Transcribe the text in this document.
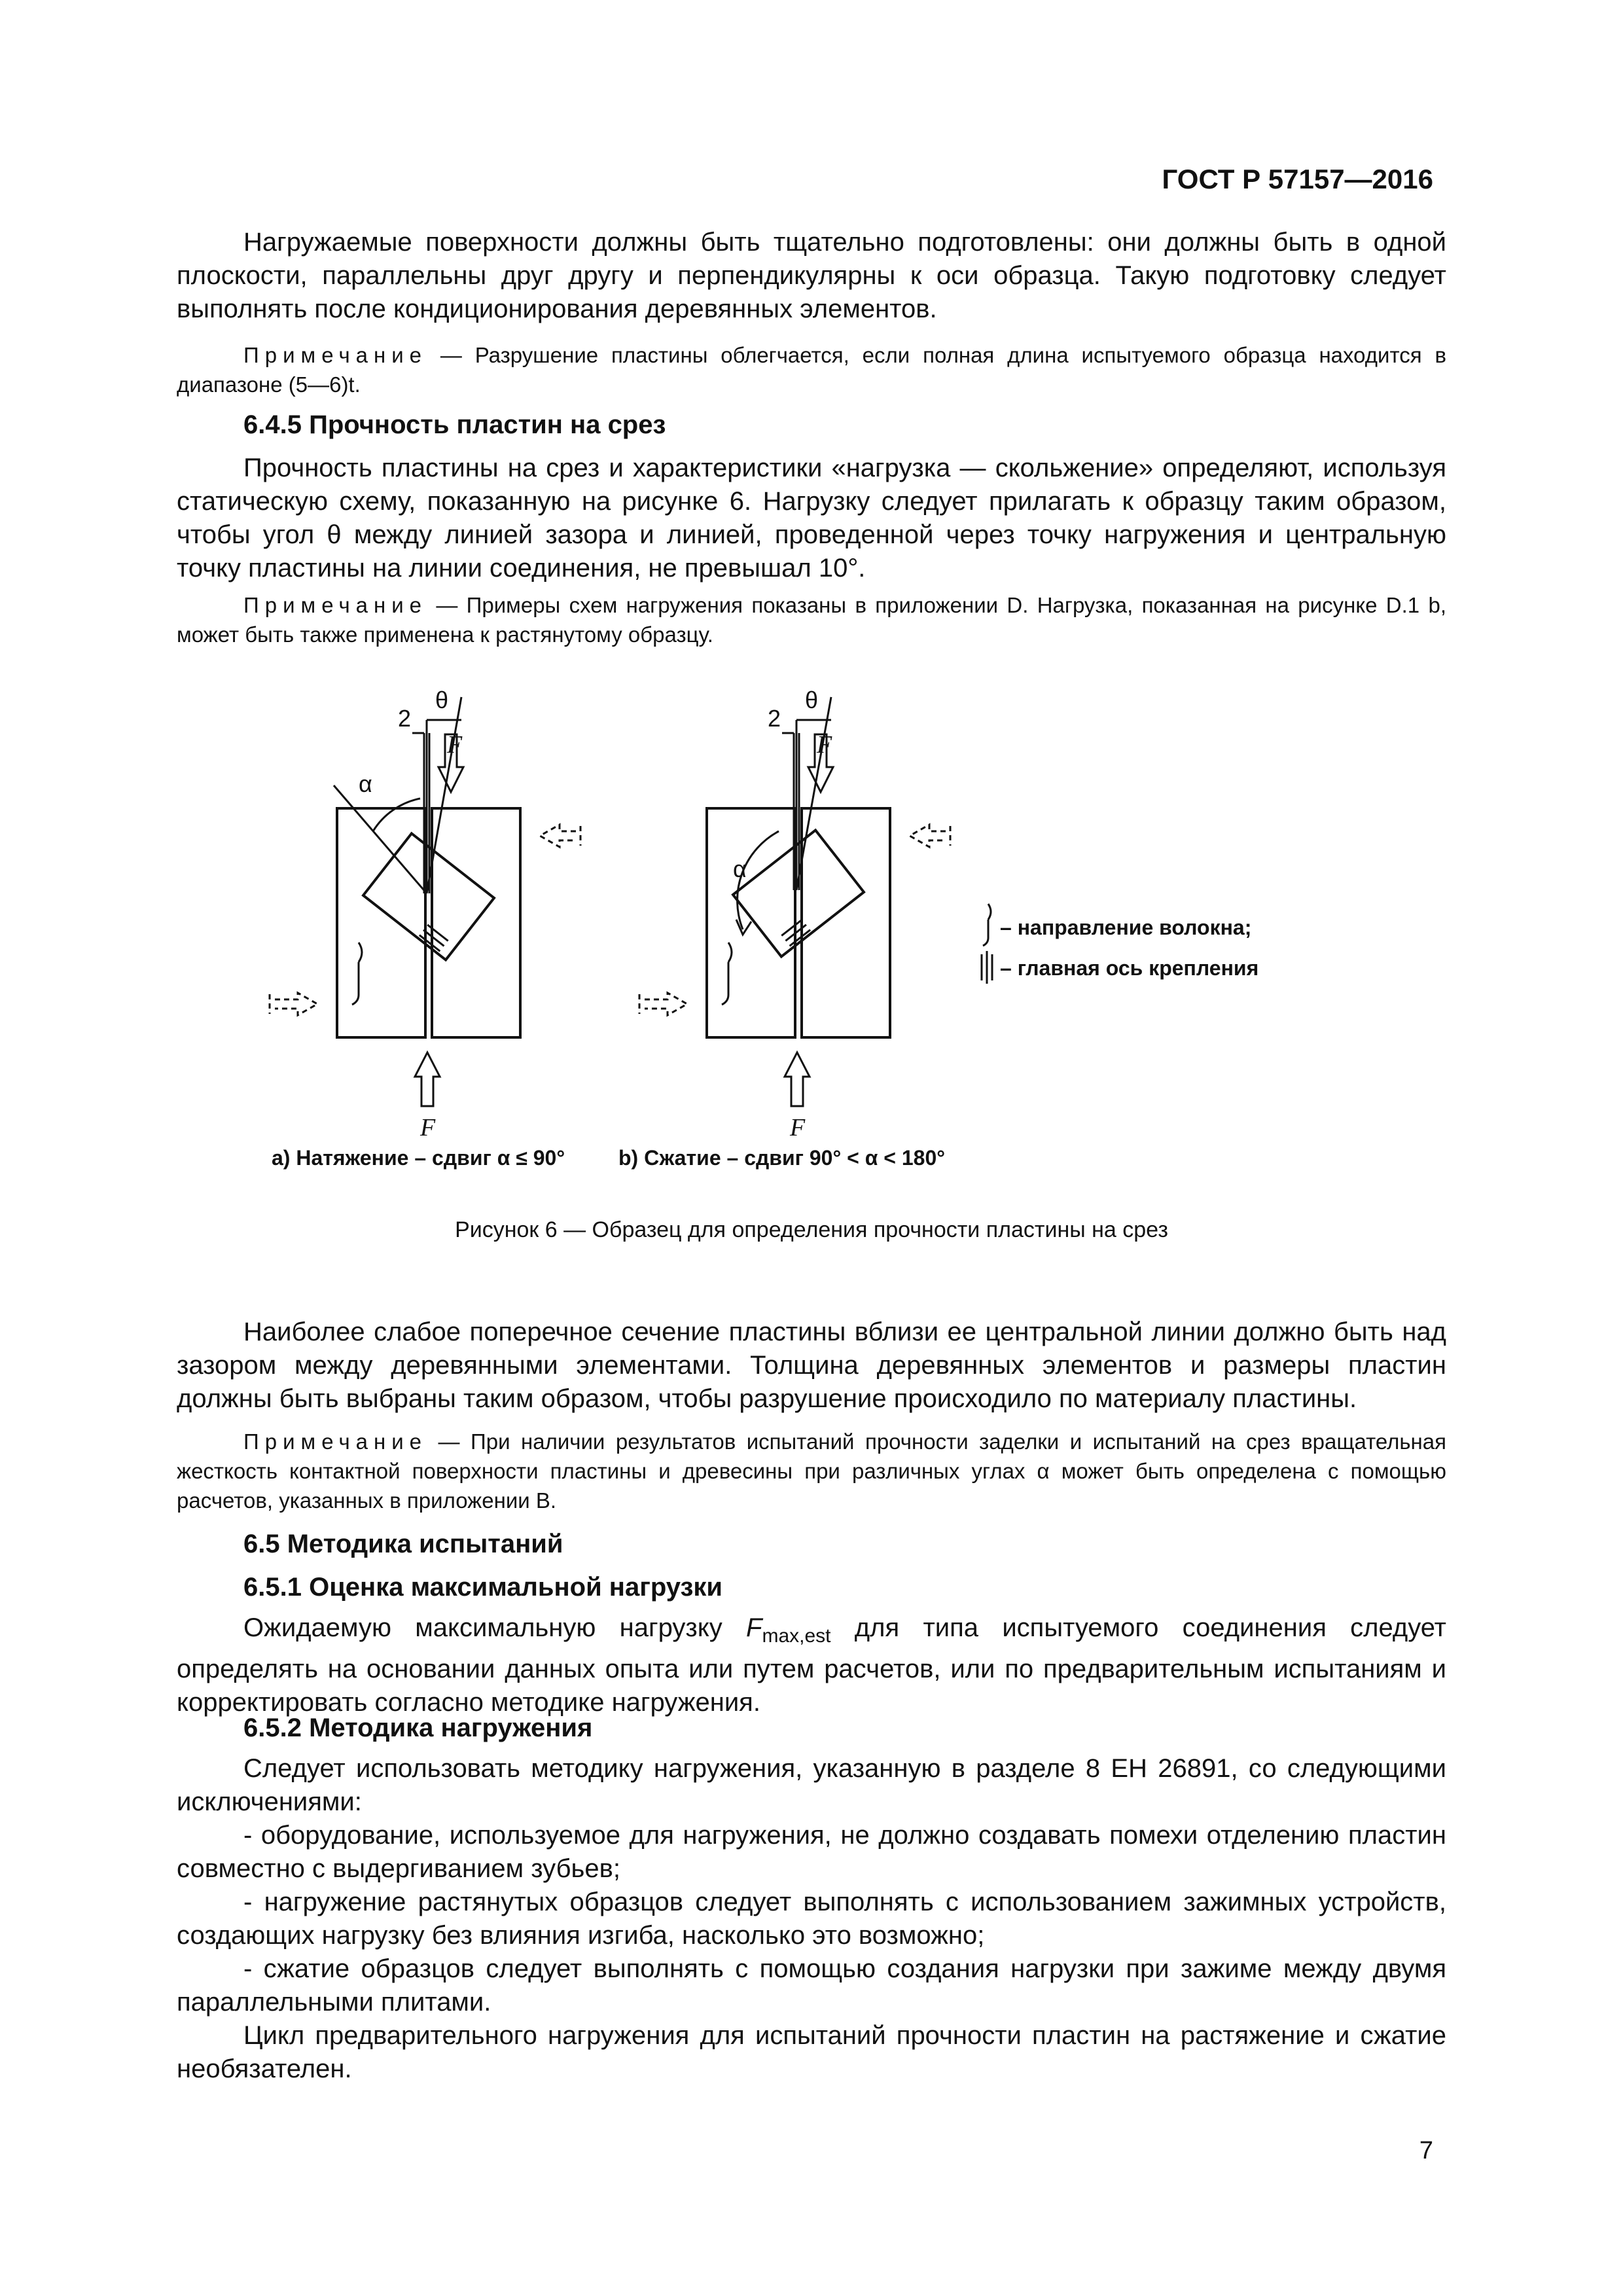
ГОСТ Р 57157—2016

Нагружаемые поверхности должны быть тщательно подготовлены: они должны быть в одной плоскости, параллельны друг другу и перпендикулярны к оси образца. Такую подготовку следует выполнять после кондиционирования деревянных элементов.

Примечание — Разрушение пластины облегчается, если полная длина испытуемого образца находится в диапазоне (5—6)t.

6.4.5 Прочность пластин на срез

Прочность пластины на срез и характеристики «нагрузка — скольжение» определяют, используя статическую схему, показанную на рисунке 6. Нагрузку следует прилагать к образцу таким образом, чтобы угол θ между линией зазора и линией, проведенной через точку нагружения и центральную точку пластины на линии соединения, не превышал 10°.

Примечание — Примеры схем нагружения показаны в приложении D. Нагрузка, показанная на рисунке D.1 b, может быть также применена к растянутому образцу.

θ
2
α
F
F
θ
2
α
F
F
– направление волокна;
– главная ось крепления
a) Натяжение – сдвиг α ≤ 90°	b) Сжатие – сдвиг 90° < α < 180°
Рисунок 6 — Образец для определения прочности пластины на срез

Наиболее слабое поперечное сечение пластины вблизи ее центральной линии должно быть над зазором между деревянными элементами. Толщина деревянных элементов и размеры пластин должны быть выбраны таким образом, чтобы разрушение происходило по материалу пластины.

Примечание — При наличии результатов испытаний прочности заделки и испытаний на срез вращательная жесткость контактной поверхности пластины и древесины при различных углах α может быть определена с помощью расчетов, указанных в приложении В.

6.5 Методика испытаний
6.5.1 Оценка максимальной нагрузки

Ожидаемую максимальную нагрузку $F_{max,est}$ для типа испытуемого соединения следует определять на основании данных опыта или путем расчетов, или по предварительным испытаниям и корректировать согласно методике нагружения.

6.5.2 Методика нагружения

Следует использовать методику нагружения, указанную в разделе 8 ЕН 26891, со следующими исключениями:

- оборудование, используемое для нагружения, не должно создавать помехи отделению пластин совместно с выдергиванием зубьев;

- нагружение растянутых образцов следует выполнять с использованием зажимных устройств, создающих нагрузку без влияния изгиба, насколько это возможно;

- сжатие образцов следует выполнять с помощью создания нагрузки при зажиме между двумя параллельными плитами.

Цикл предварительного нагружения для испытаний прочности пластин на растяжение и сжатие необязателен.

7
